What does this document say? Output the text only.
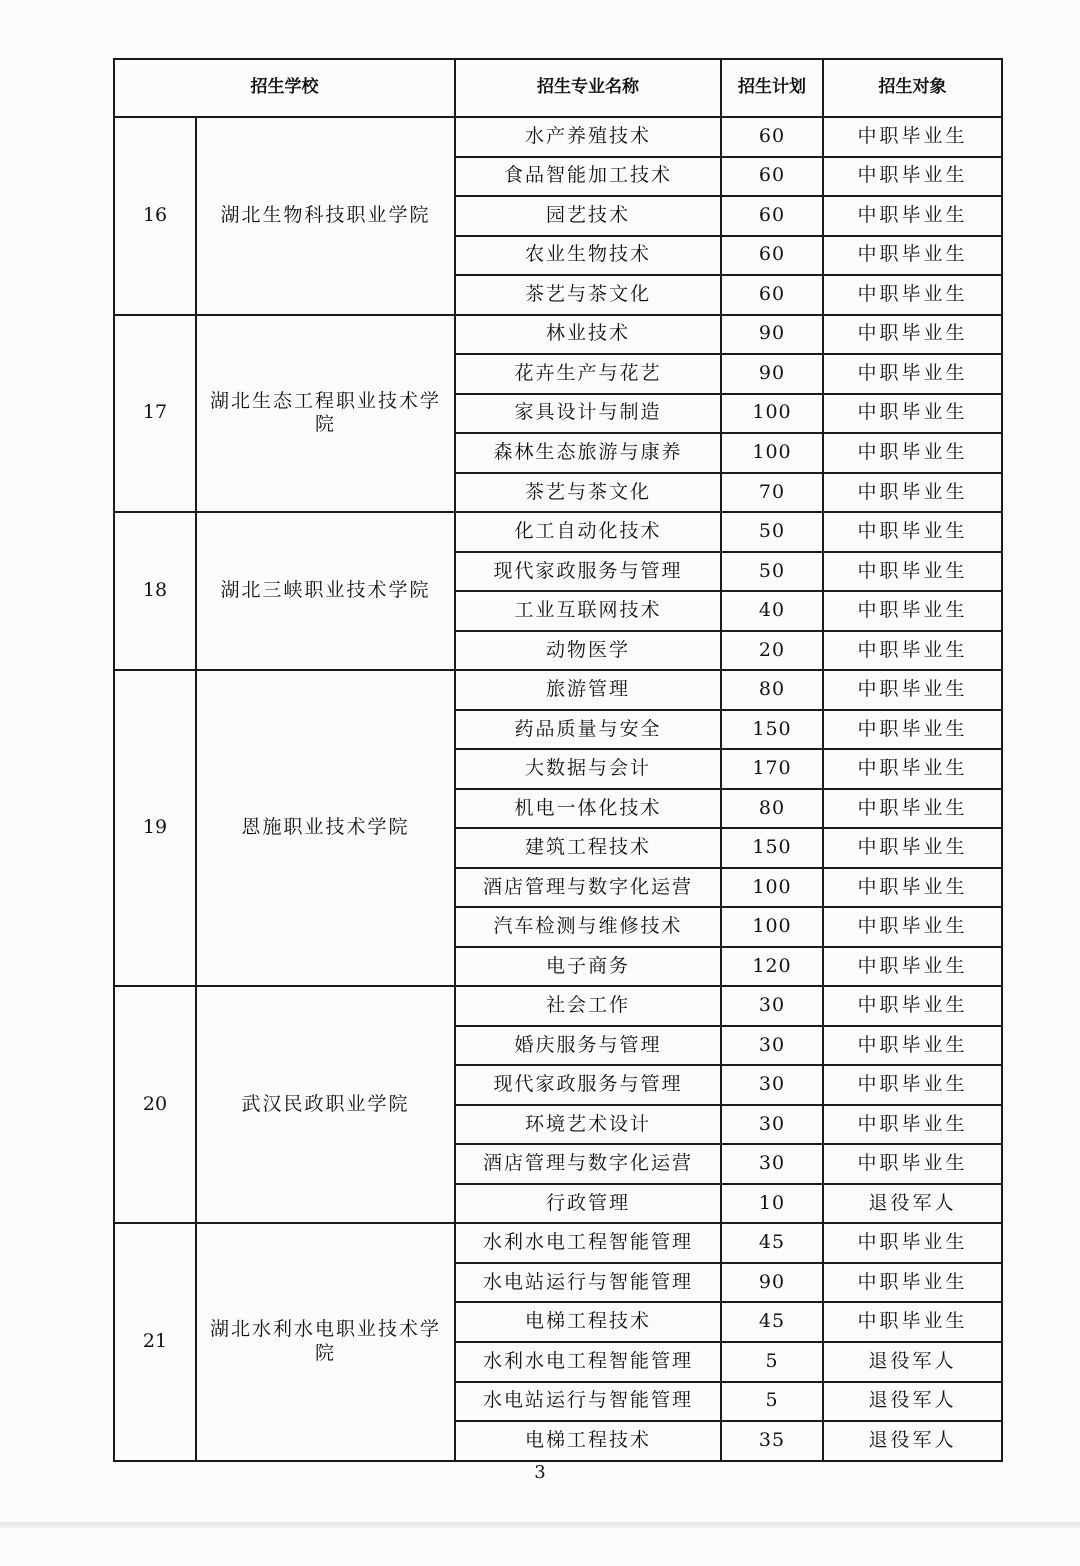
招生学校		招生专业名称	招生计划	招生对象
16	湖北生物科技职业学院	水产养殖技术	60	中职毕业生
		食品智能加工技术	60	中职毕业生
		园艺技术	60	中职毕业生
		农业生物技术	60	中职毕业生
		茶艺与茶文化	60	中职毕业生
17	湖北生态工程职业技术学院	林业技术	90	中职毕业生
		花卉生产与花艺	90	中职毕业生
		家具设计与制造	100	中职毕业生
		森林生态旅游与康养	100	中职毕业生
		茶艺与茶文化	70	中职毕业生
18	湖北三峡职业技术学院	化工自动化技术	50	中职毕业生
		现代家政服务与管理	50	中职毕业生
		工业互联网技术	40	中职毕业生
		动物医学	20	中职毕业生
19	恩施职业技术学院	旅游管理	80	中职毕业生
		药品质量与安全	150	中职毕业生
		大数据与会计	170	中职毕业生
		机电一体化技术	80	中职毕业生
		建筑工程技术	150	中职毕业生
		酒店管理与数字化运营	100	中职毕业生
		汽车检测与维修技术	100	中职毕业生
		电子商务	120	中职毕业生
20	武汉民政职业学院	社会工作	30	中职毕业生
		婚庆服务与管理	30	中职毕业生
		现代家政服务与管理	30	中职毕业生
		环境艺术设计	30	中职毕业生
		酒店管理与数字化运营	30	中职毕业生
		行政管理	10	退役军人
21	湖北水利水电职业技术学院	水利水电工程智能管理	45	中职毕业生
		水电站运行与智能管理	90	中职毕业生
		电梯工程技术	45	中职毕业生
		水利水电工程智能管理	5	退役军人
		水电站运行与智能管理	5	退役军人
		电梯工程技术	35	退役军人
3
